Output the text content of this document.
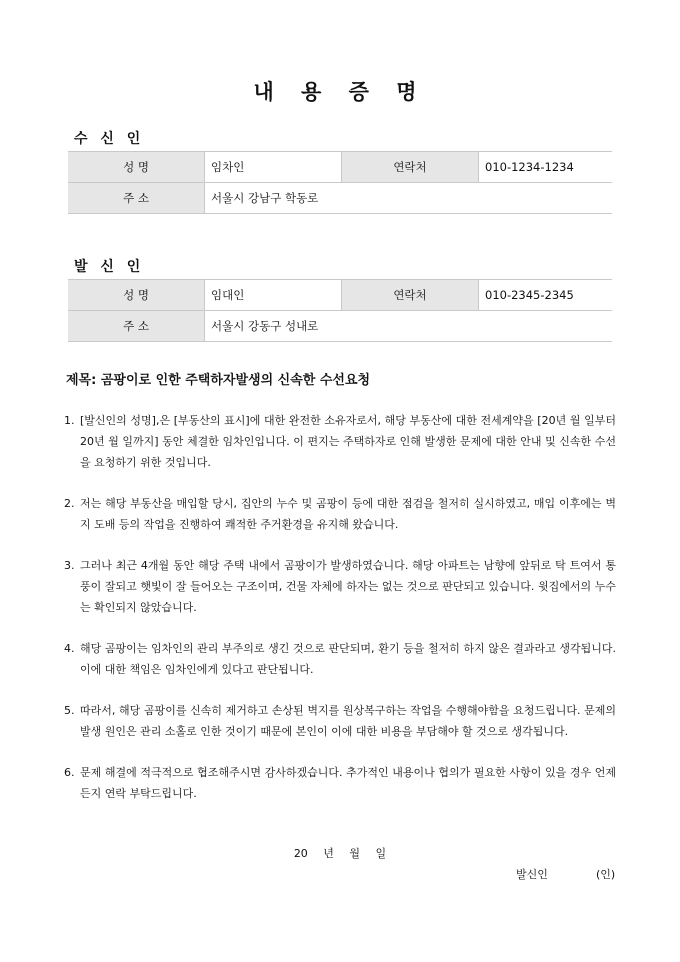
내 용 증 명
수 신 인
성 명	임차인	연락처	010-1234-1234
주 소	서울시 강남구 학동로		
발 신 인
성 명	임대인	연락처	010-2345-2345
주 소	서울시 강동구 성내로		
제목: 곰팡이로 인한 주택하자발생의 신속한 수선요청
1. [발신인의 성명],은 [부동산의 표시]에 대한 완전한 소유자로서, 해당 부동산에 대한 전세계약을 [20년 월 일부터 20년 월 일까지] 동안 체결한 임차인입니다. 이 편지는 주택하자로 인해 발생한 문제에 대한 안내 및 신속한 수선을 요청하기 위한 것입니다.
2. 저는 해당 부동산을 매입할 당시, 집안의 누수 및 곰팡이 등에 대한 점검을 철저히 실시하였고, 매입 이후에는 벽지 도배 등의 작업을 진행하여 쾌적한 주거환경을 유지해 왔습니다.
3. 그러나 최근 4개월 동안 해당 주택 내에서 곰팡이가 발생하였습니다. 해당 아파트는 남향에 앞뒤로 탁 트여서 통풍이 잘되고 햇빛이 잘 들어오는 구조이며, 건물 자체에 하자는 없는 것으로 판단되고 있습니다. 윗집에서의 누수는 확인되지 않았습니다.
4. 해당 곰팡이는 임차인의 관리 부주의로 생긴 것으로 판단되며, 환기 등을 철저히 하지 않은 결과라고 생각됩니다. 이에 대한 책임은 임차인에게 있다고 판단됩니다.
5. 따라서, 해당 곰팡이를 신속히 제거하고 손상된 벽지를 원상복구하는 작업을 수행해야함을 요청드립니다. 문제의 발생 원인은 관리 소홀로 인한 것이기 때문에 본인이 이에 대한 비용을 부담해야 할 것으로 생각됩니다.
6. 문제 해결에 적극적으로 협조해주시면 감사하겠습니다. 추가적인 내용이나 협의가 필요한 사항이 있을 경우 언제든지 연락 부탁드립니다.
20 년 월 일
발신인	(인)
